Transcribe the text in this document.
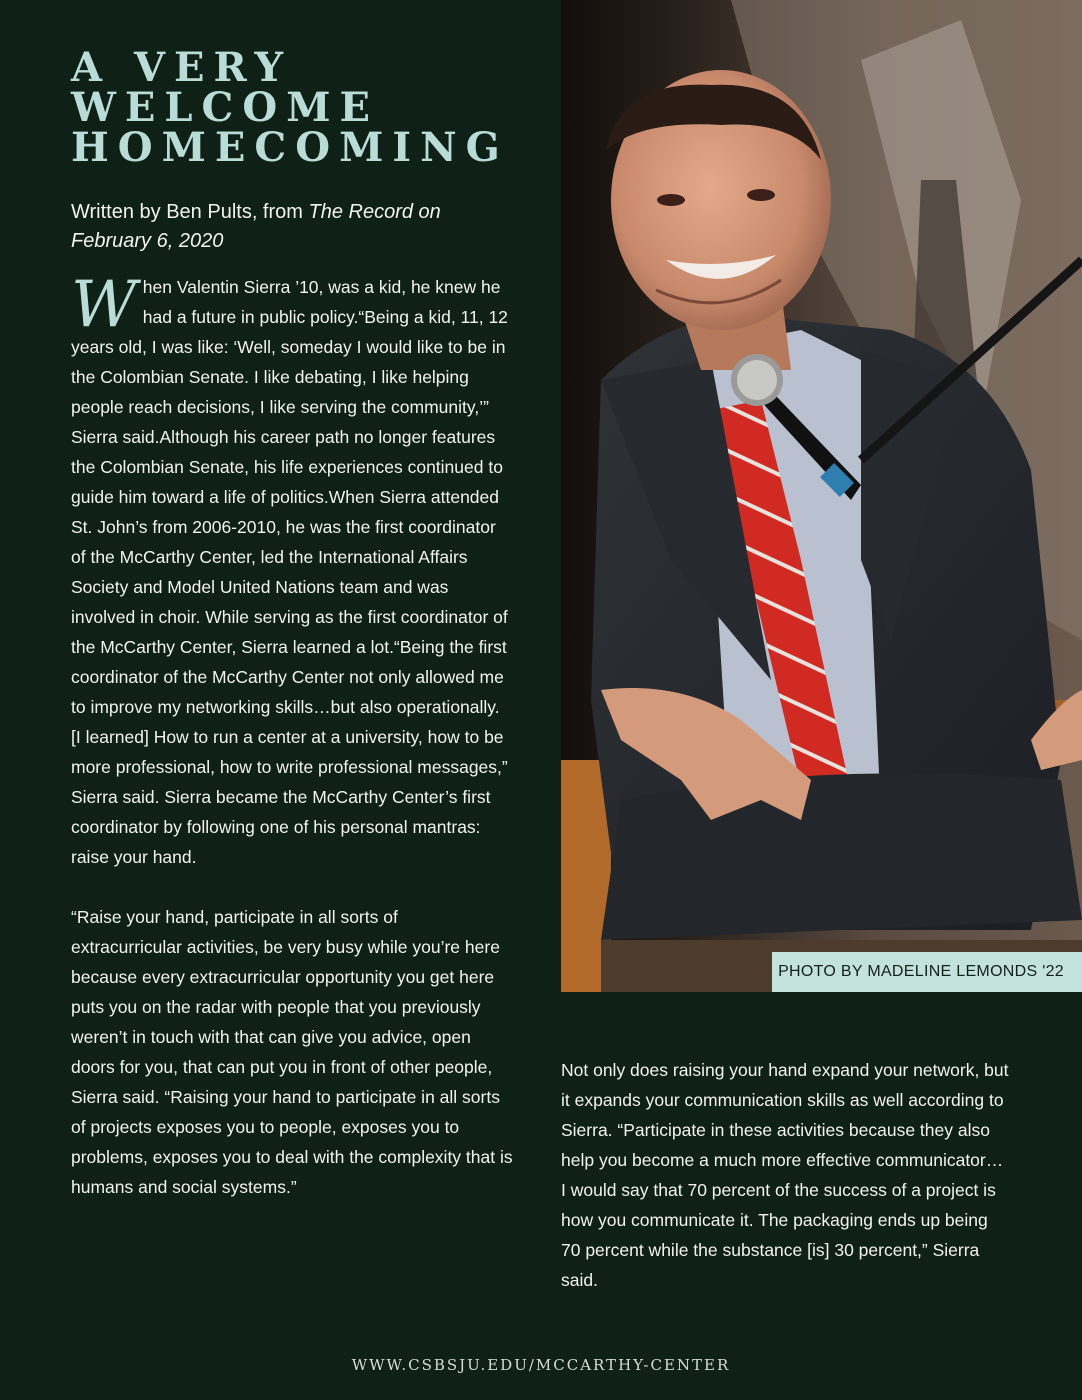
A VERY
WELCOME
HOMECOMING
Written by Ben Pults, from The Record on February 6, 2020

When Valentin Sierra ’10, was a kid, he knew he had a future in public policy.“Being a kid, 11, 12 years old, I was like: ‘Well, someday I would like to be in the Colombian Senate. I like debating, I like helping people reach decisions, I like serving the community,’” Sierra said.Although his career path no longer features the Colombian Senate, his life experiences continued to guide him toward a life of politics.When Sierra attended St. John’s from 2006-2010, he was the first coordinator of the McCarthy Center, led the International Affairs Society and Model United Nations team and was involved in choir. While serving as the first coordinator of the McCarthy Center, Sierra learned a lot.“Being the first coordinator of the McCarthy Center not only allowed me to improve my networking skills…but also operationally. [I learned] How to run a center at a university, how to be more professional, how to write professional messages,” Sierra said. Sierra became the McCarthy Center’s first coordinator by following one of his personal mantras: raise your hand.

“Raise your hand, participate in all sorts of extracurricular activities, be very busy while you’re here because every extracurricular opportunity you get here puts you on the radar with people that you previously weren’t in touch with that can give you advice, open doors for you, that can put you in front of other people, Sierra said. “Raising your hand to participate in all sorts of projects exposes you to people, exposes you to problems, exposes you to deal with the complexity that is humans and social systems.”

PHOTO BY MADELINE LEMONDS '22

Not only does raising your hand expand your network, but it expands your communication skills as well according to Sierra. “Participate in these activities because they also help you become a much more effective communicator… I would say that 70 percent of the success of a project is how you communicate it. The packaging ends up being 70 percent while the substance [is] 30 percent,” Sierra said.

WWW.CSBSJU.EDU/MCCARTHY-CENTER
